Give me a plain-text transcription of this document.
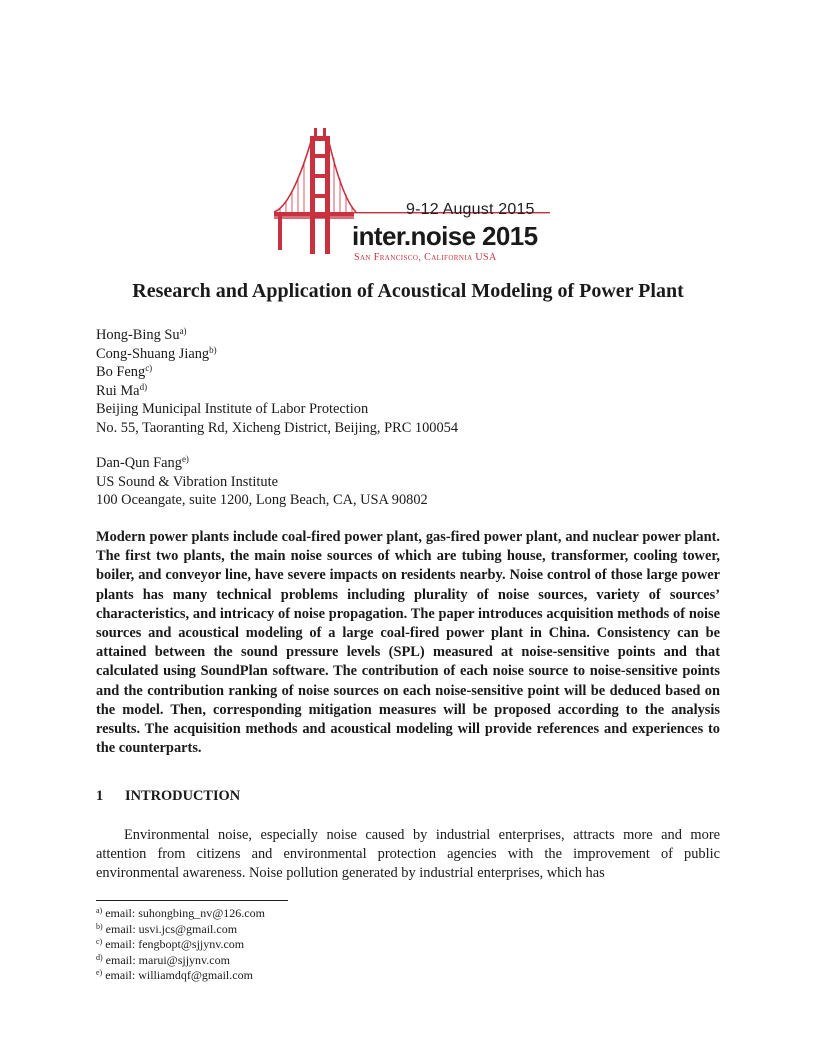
9-12 August 2015
inter.noise 2015
San Francisco, California USA
Research and Application of Acoustical Modeling of Power Plant
Hong-Bing Su$^{a)}$
Cong-Shuang Jiang$^{b)}$
Bo Feng$^{c)}$
Rui Ma$^{d)}$
Beijing Municipal Institute of Labor Protection
No. 55, Taoranting Rd, Xicheng District, Beijing, PRC 100054
Dan-Qun Fang$^{e)}$
US Sound & Vibration Institute
100 Oceangate, suite 1200, Long Beach, CA, USA 90802

Modern power plants include coal-fired power plant, gas-fired power plant, and nuclear power plant. The first two plants, the main noise sources of which are tubing house, transformer, cooling tower, boiler, and conveyor line, have severe impacts on residents nearby. Noise control of those large power plants has many technical problems including plurality of noise sources, variety of sources’ characteristics, and intricacy of noise propagation. The paper introduces acquisition methods of noise sources and acoustical modeling of a large coal-fired power plant in China. Consistency can be attained between the sound pressure levels (SPL) measured at noise-sensitive points and that calculated using SoundPlan software. The contribution of each noise source to noise-sensitive points and the contribution ranking of noise sources on each noise-sensitive point will be deduced based on the model. Then, corresponding mitigation measures will be proposed according to the analysis results. The acquisition methods and acoustical modeling will provide references and experiences to the counterparts.

1 INTRODUCTION

Environmental noise, especially noise caused by industrial enterprises, attracts more and more attention from citizens and environmental protection agencies with the improvement of public environmental awareness. Noise pollution generated by industrial enterprises, which has

$^{a)}$ email: suhongbing_nv@126.com
$^{b)}$ email: usvi.jcs@gmail.com
$^{c)}$ email: fengbopt@sjjynv.com
$^{d)}$ email: marui@sjjynv.com
$^{e)}$ email: williamdqf@gmail.com
